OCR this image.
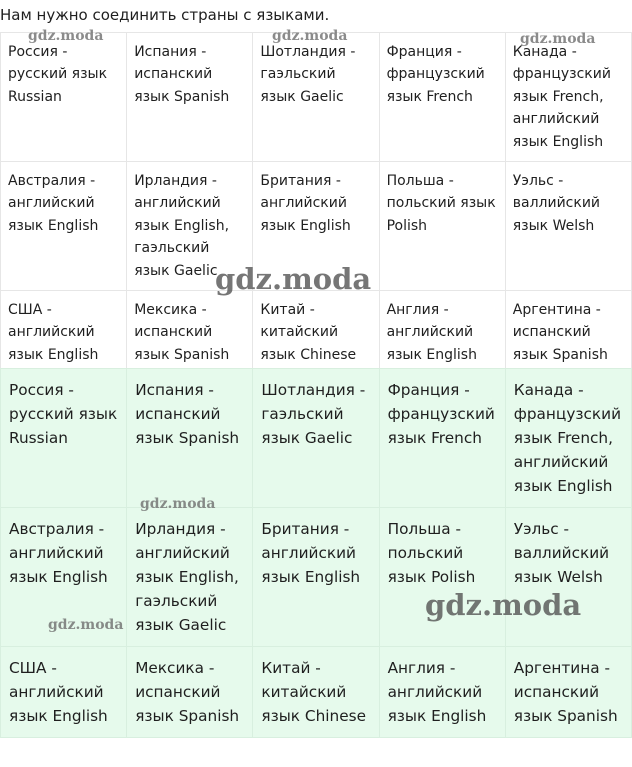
Нам нужно соединить страны с языками.
Россия - русский язык Russian	Испания - испанский язык Spanish	Шотландия - гаэльский язык Gaelic	Франция - французский язык French	Канада - французский язык French, английский язык English
Австралия - английский язык English	Ирландия - английский язык English, гаэльский язык Gaelic	Британия - английский язык English	Польша - польский язык Polish	Уэльс - валлийский язык Welsh
США - английский язык English	Мексика - испанский язык Spanish	Китай - китайский язык Chinese	Англия - английский язык English	Аргентина - испанский язык Spanish
Россия - русский язык Russian	Испания - испанский язык Spanish	Шотландия - гаэльский язык Gaelic	Франция - французский язык French	Канада - французский язык French, английский язык English
Австралия - английский язык English	Ирландия - английский язык English, гаэльский язык Gaelic	Британия - английский язык English	Польша - польский язык Polish	Уэльс - валлийский язык Welsh
США - английский язык English	Мексика - испанский язык Spanish	Китай - китайский язык Chinese	Англия - английский язык English	Аргентина - испанский язык Spanish
gdz.moda	gdz.moda	gdz.moda
gdz.moda
gdz.moda
gdz.moda
gdz.moda
